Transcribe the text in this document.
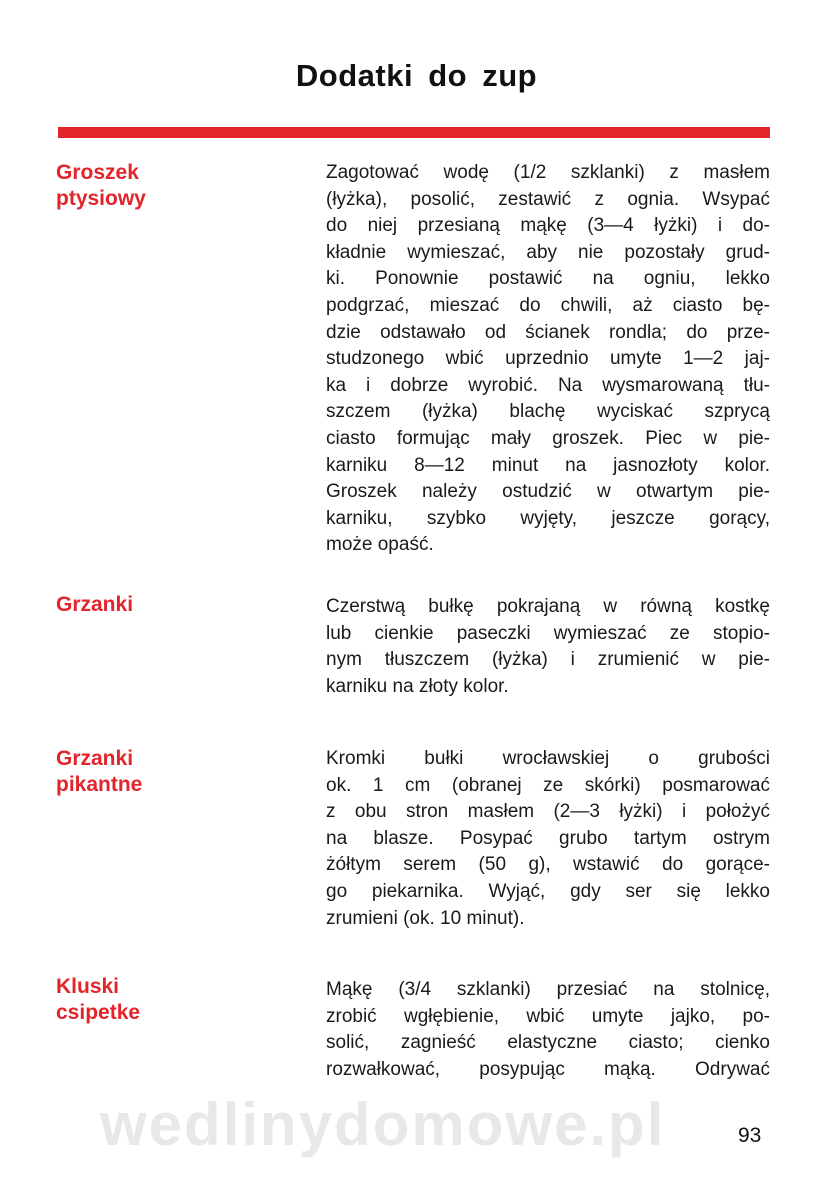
Dodatki do zup
Groszek
ptysiowy
Zagotować wodę (1/2 szklanki) z masłem
(łyżka), posolić, zestawić z ognia. Wsypać
do niej przesianą mąkę (3—4 łyżki) i do-
kładnie wymieszać, aby nie pozostały grud-
ki. Ponownie postawić na ogniu, lekko
podgrzać, mieszać do chwili, aż ciasto bę-
dzie odstawało od ścianek rondla; do prze-
studzonego wbić uprzednio umyte 1—2 jaj-
ka i dobrze wyrobić. Na wysmarowaną tłu-
szczem (łyżka) blachę wyciskać szprycą
ciasto formując mały groszek. Piec w pie-
karniku 8—12 minut na jasnozłoty kolor.
Groszek należy ostudzić w otwartym pie-
karniku, szybko wyjęty, jeszcze gorący,
może opaść.
Grzanki	Czerstwą bułkę pokrajaną w równą kostkę
lub cienkie paseczki wymieszać ze stopio-
nym tłuszczem (łyżka) i zrumienić w pie-
karniku na złoty kolor.
Grzanki
pikantne
Kromki bułki wrocławskiej o grubości
ok. 1 cm (obranej ze skórki) posmarować
z obu stron masłem (2—3 łyżki) i położyć
na blasze. Posypać grubo tartym ostrym
żółtym serem (50 g), wstawić do gorące-
go piekarnika. Wyjąć, gdy ser się lekko
zrumieni (ok. 10 minut).
Kluski
csipetke
Mąkę (3/4 szklanki) przesiać na stolnicę,
zrobić wgłębienie, wbić umyte jajko, po-
solić, zagnieść elastyczne ciasto; cienko
rozwałkować, posypując mąką. Odrywać
wedlinydomowe.pl	93
